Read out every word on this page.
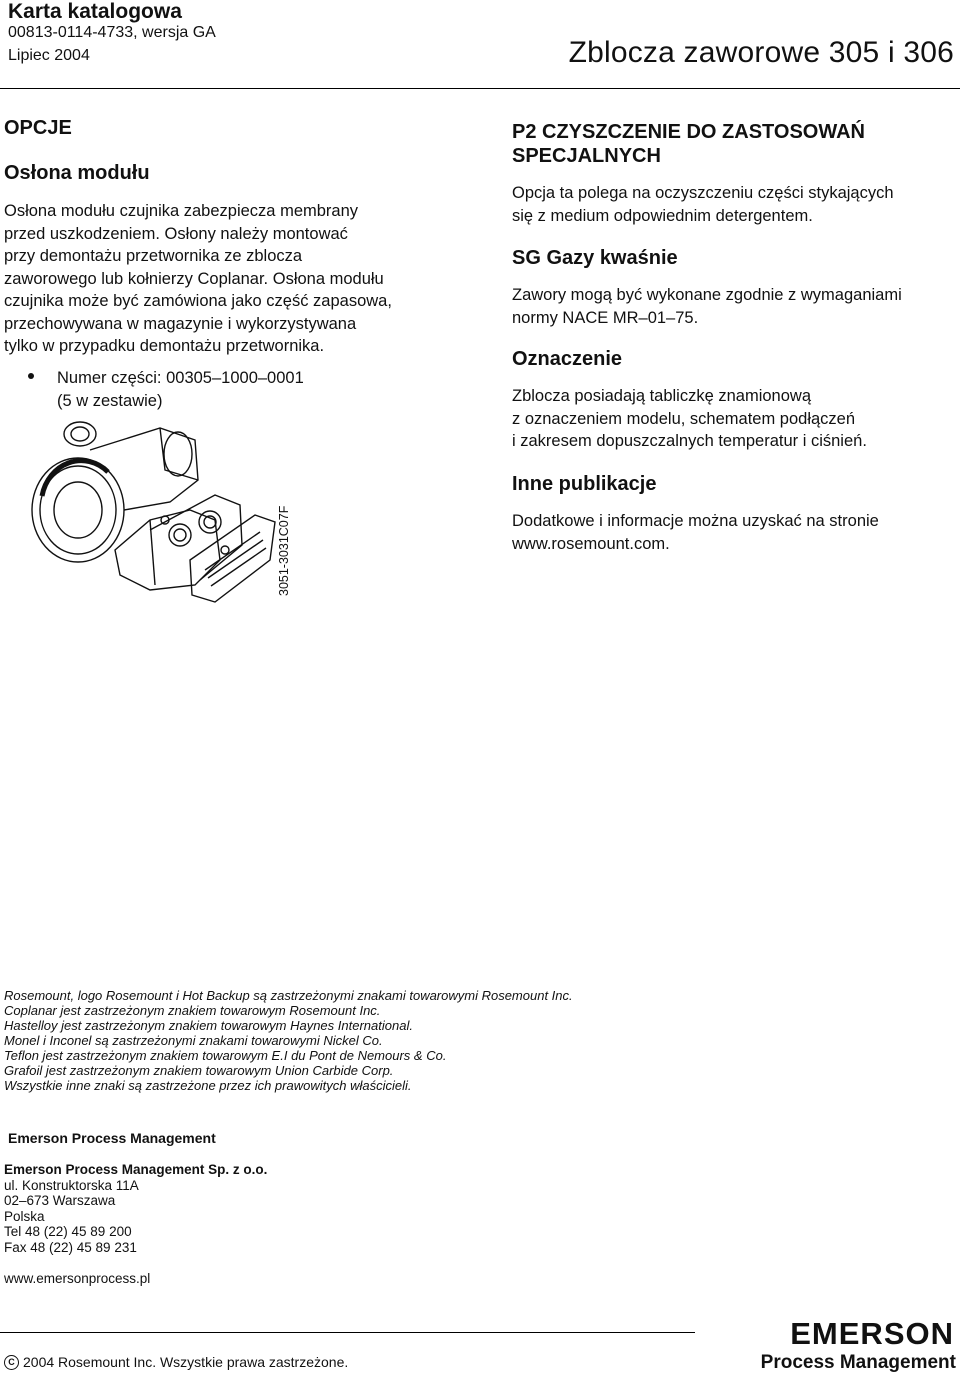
Karta katalogowa
00813-0114-4733, wersja GA
Lipiec 2004	Zblocza zaworowe 305 i 306
OPCJE
Osłona modułu
Osłona modułu czujnika zabezpiecza membrany
przed uszkodzeniem. Osłony należy montować
przy demontażu przetwornika ze zblocza
zaworowego lub kołnierzy Coplanar. Osłona modułu
czujnika może być zamówiona jako część zapasowa,
przechowywana w magazynie i wykorzystywana
tylko w przypadku demontażu przetwornika.
Numer części: 00305–1000–0001
(5 w zestawie)
3051-3031C07F
P2 CZYSZCZENIE DO ZASTOSOWAŃ
SPECJALNYCH
Opcja ta polega na oczyszczeniu części stykających
się z medium odpowiednim detergentem.
SG Gazy kwaśnie
Zawory mogą być wykonane zgodnie z wymaganiami
normy NACE MR–01–75.
Oznaczenie
Zblocza posiadają tabliczkę znamionową
z oznaczeniem modelu, schematem podłączeń
i zakresem dopuszczalnych temperatur i ciśnień.
Inne publikacje
Dodatkowe i informacje można uzyskać na stronie
www.rosemount.com.
Rosemount, logo Rosemount i Hot Backup są zastrzeżonymi znakami towarowymi Rosemount Inc.
Coplanar jest zastrzeżonym znakiem towarowym Rosemount Inc.
Hastelloy jest zastrzeżonym znakiem towarowym Haynes International.
Monel i Inconel są zastrzeżonymi znakami towarowymi Nickel Co.
Teflon jest zastrzeżonym znakiem towarowym E.I du Pont de Nemours & Co.
Grafoil jest zastrzeżonym znakiem towarowym Union Carbide Corp.
Wszystkie inne znaki są zastrzeżone przez ich prawowitych właścicieli.
Emerson Process Management
Emerson Process Management Sp. z o.o.
ul. Konstruktorska 11A
02–673 Warszawa
Polska
Tel 48 (22) 45 89 200
Fax 48 (22) 45 89 231
www.emersonprocess.pl
C 2004 Rosemount Inc. Wszystkie prawa zastrzeżone.
EMERSON
Process Management
